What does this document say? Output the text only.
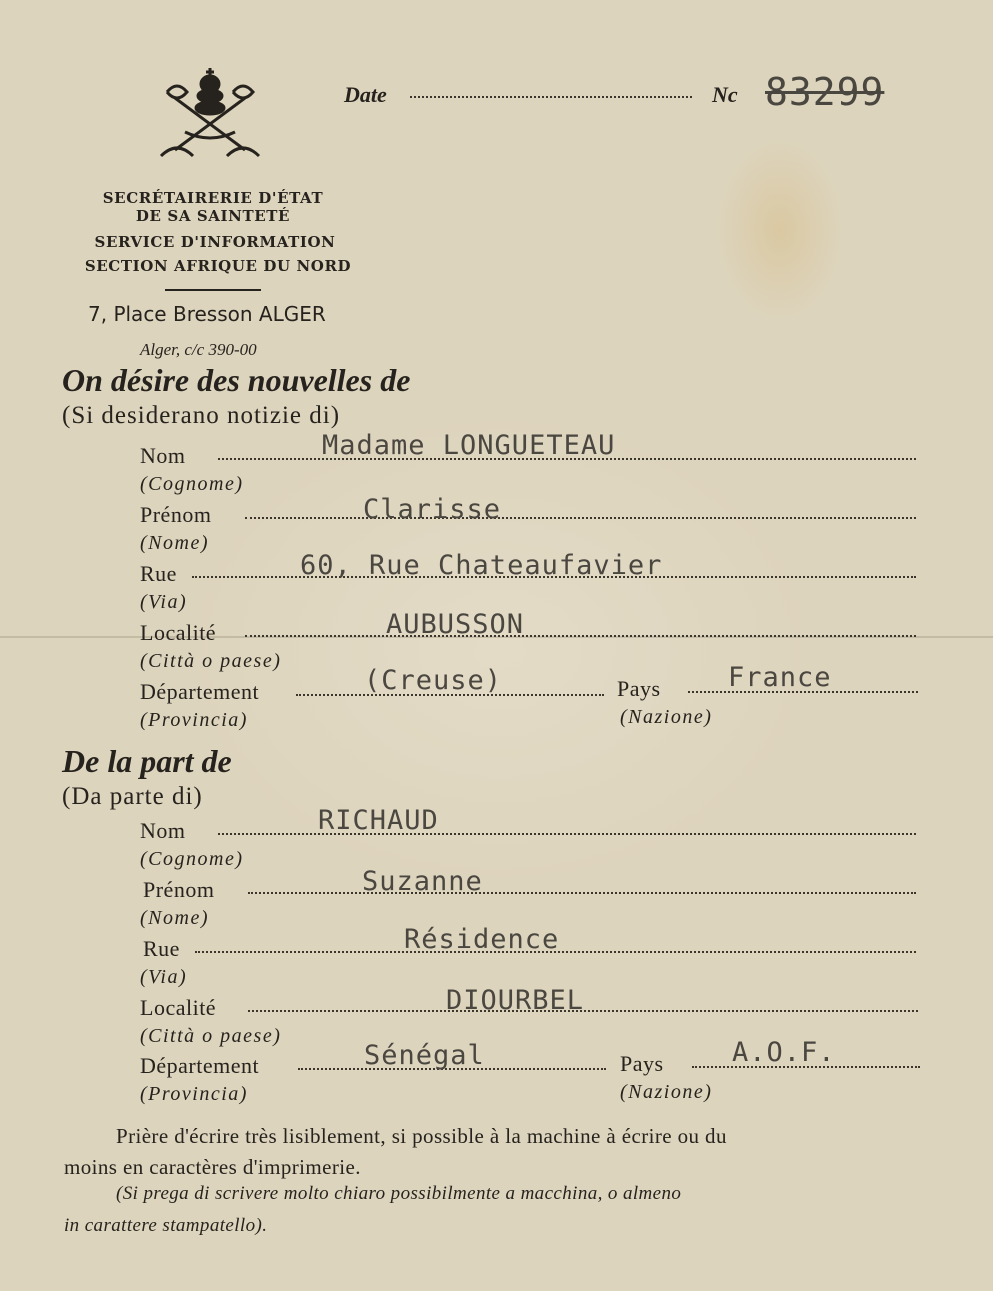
SECRÉTAIRERIE D'ÉTAT
DE SA SAINTETÉ
SERVICE D'INFORMATION
SECTION AFRIQUE DU NORD
7, Place Bresson ALGER
Alger, c/c 390-00
Date	Nc 83299
On désire des nouvelles de
(Si desiderano notizie di)
Nom	Madame LONGUETEAU
(Cognome)
Prénom	Clarisse
(Nome)
Rue	60, Rue Chateaufavier
(Via)
Localité	AUBUSSON
(Città o paese)
Département	(Creuse)
(Provincia)
Pays France
(Nazione)
De la part de
(Da parte di)
Nom	RICHAUD
(Cognome)
Prénom	Suzanne
(Nome)
Rue	Résidence
(Via)
Localité	DIOURBEL
(Città o paese)
Département	Sénégal
(Provincia)
Pays	A.O.F.
(Nazione)
Prière d'écrire très lisiblement, si possible à la machine à écrire ou du
moins en caractères d'imprimerie.
(Si prega di scrivere molto chiaro possibilmente a macchina, o almeno
in carattere stampatello).
